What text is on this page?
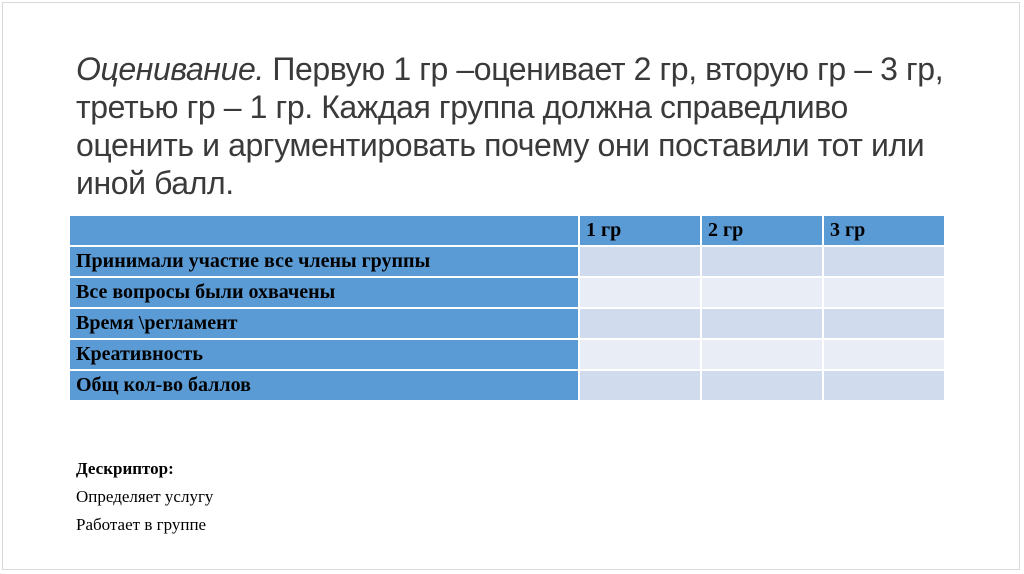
Оценивание. Первую 1 гр –оценивает 2 гр, вторую гр – 3 гр, третью гр – 1 гр. Каждая группа должна справедливо оценить и аргументировать почему они поставили тот или иной балл.
	1 гр	2 гр	3 гр
Принимали участие все члены группы			
Все вопросы были охвачены			
Время \регламент			
Креативность			
Общ кол-во баллов			
Дескриптор:
Определяет услугу
Работает в группе
